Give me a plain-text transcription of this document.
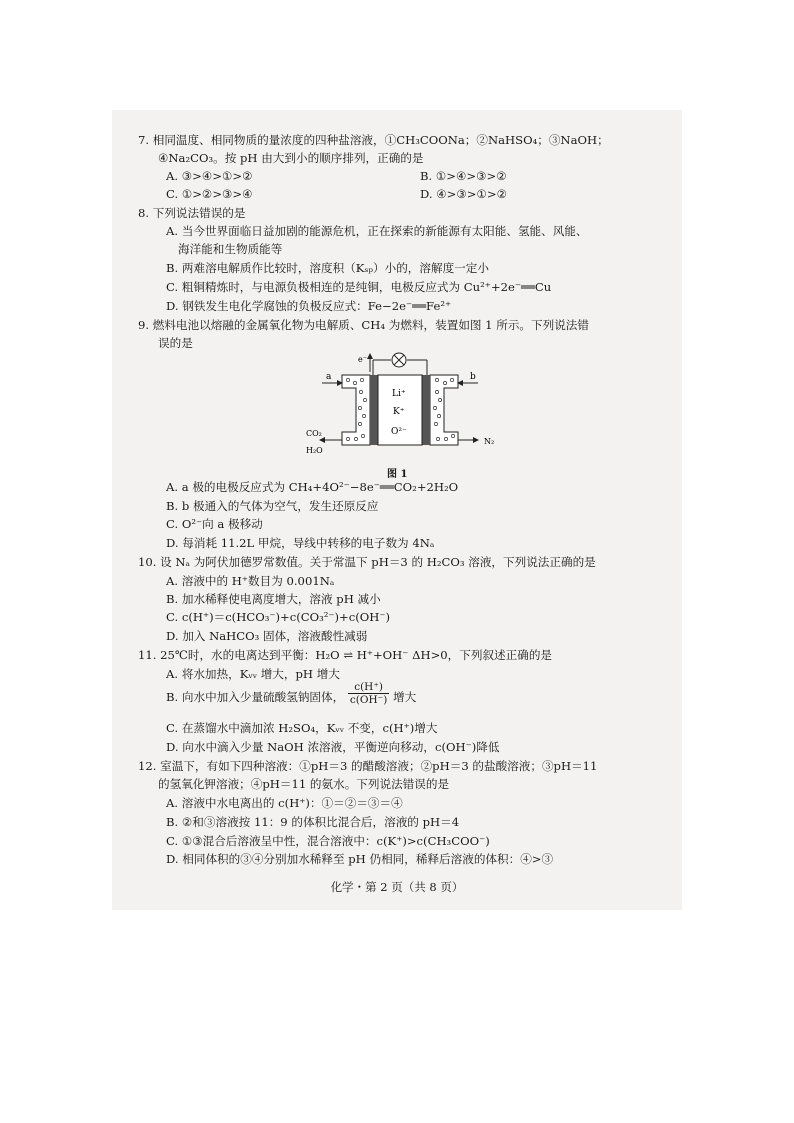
7. 相同温度、相同物质的量浓度的四种盐溶液，①CH₃COONa；②NaHSO₄；③NaOH；
④Na₂CO₃。按 pH 由大到小的顺序排列，正确的是
A. ③>④>①>②	B. ①>④>③>②
C. ①>②>③>④	D. ④>③>①>②
8. 下列说法错误的是
A. 当今世界面临日益加剧的能源危机，正在探索的新能源有太阳能、氢能、风能、
海洋能和生物质能等
B. 两难溶电解质作比较时，溶度积（Kₛₚ）小的，溶解度一定小
C. 粗铜精炼时，与电源负极相连的是纯铜，电极反应式为 Cu²⁺+2e⁻══Cu
D. 钢铁发生电化学腐蚀的负极反应式：Fe−2e⁻══Fe²⁺
9. 燃料电池以熔融的金属氧化物为电解质、CH₄ 为燃料，装置如图 1 所示。下列说法错
误的是
e⁻
Li⁺
K⁺
O²⁻
a	b
CO₂
H₂O
N₂
图 1
A. a 极的电极反应式为 CH₄+4O²⁻−8e⁻══CO₂+2H₂O
B. b 极通入的气体为空气，发生还原反应
C. O²⁻向 a 极移动
D. 每消耗 11.2L 甲烷，导线中转移的电子数为 4Nₐ
10. 设 Nₐ 为阿伏加德罗常数值。关于常温下 pH＝3 的 H₂CO₃ 溶液，下列说法正确的是
A. 溶液中的 H⁺数目为 0.001Nₐ
B. 加水稀释使电离度增大，溶液 pH 减小
C. c(H⁺)＝c(HCO₃⁻)+c(CO₃²⁻)+c(OH⁻)
D. 加入 NaHCO₃ 固体，溶液酸性减弱
11. 25℃时，水的电离达到平衡：H₂O ⇌ H⁺+OH⁻ ΔH>0，下列叙述正确的是
A. 将水加热，Kᵥᵥ 增大，pH 增大
B. 向水中加入少量硫酸氢钠固体， $\frac{c(H^+)}{c(OH^-)}$ 增大
C. 在蒸馏水中滴加浓 H₂SO₄，Kᵥᵥ 不变，c(H⁺)增大
D. 向水中滴入少量 NaOH 浓溶液，平衡逆向移动，c(OH⁻)降低
12. 室温下，有如下四种溶液：①pH＝3 的醋酸溶液；②pH＝3 的盐酸溶液；③pH＝11
的氢氧化钾溶液；④pH＝11 的氨水。下列说法错误的是
A. 溶液中水电离出的 c(H⁺)：①＝②＝③＝④
B. ②和③溶液按 11：9 的体积比混合后，溶液的 pH＝4
C. ①③混合后溶液呈中性，混合溶液中：c(K⁺)>c(CH₃COO⁻)
D. 相同体积的③④分别加水稀释至 pH 仍相同，稀释后溶液的体积：④>③
化学・第 2 页（共 8 页）
